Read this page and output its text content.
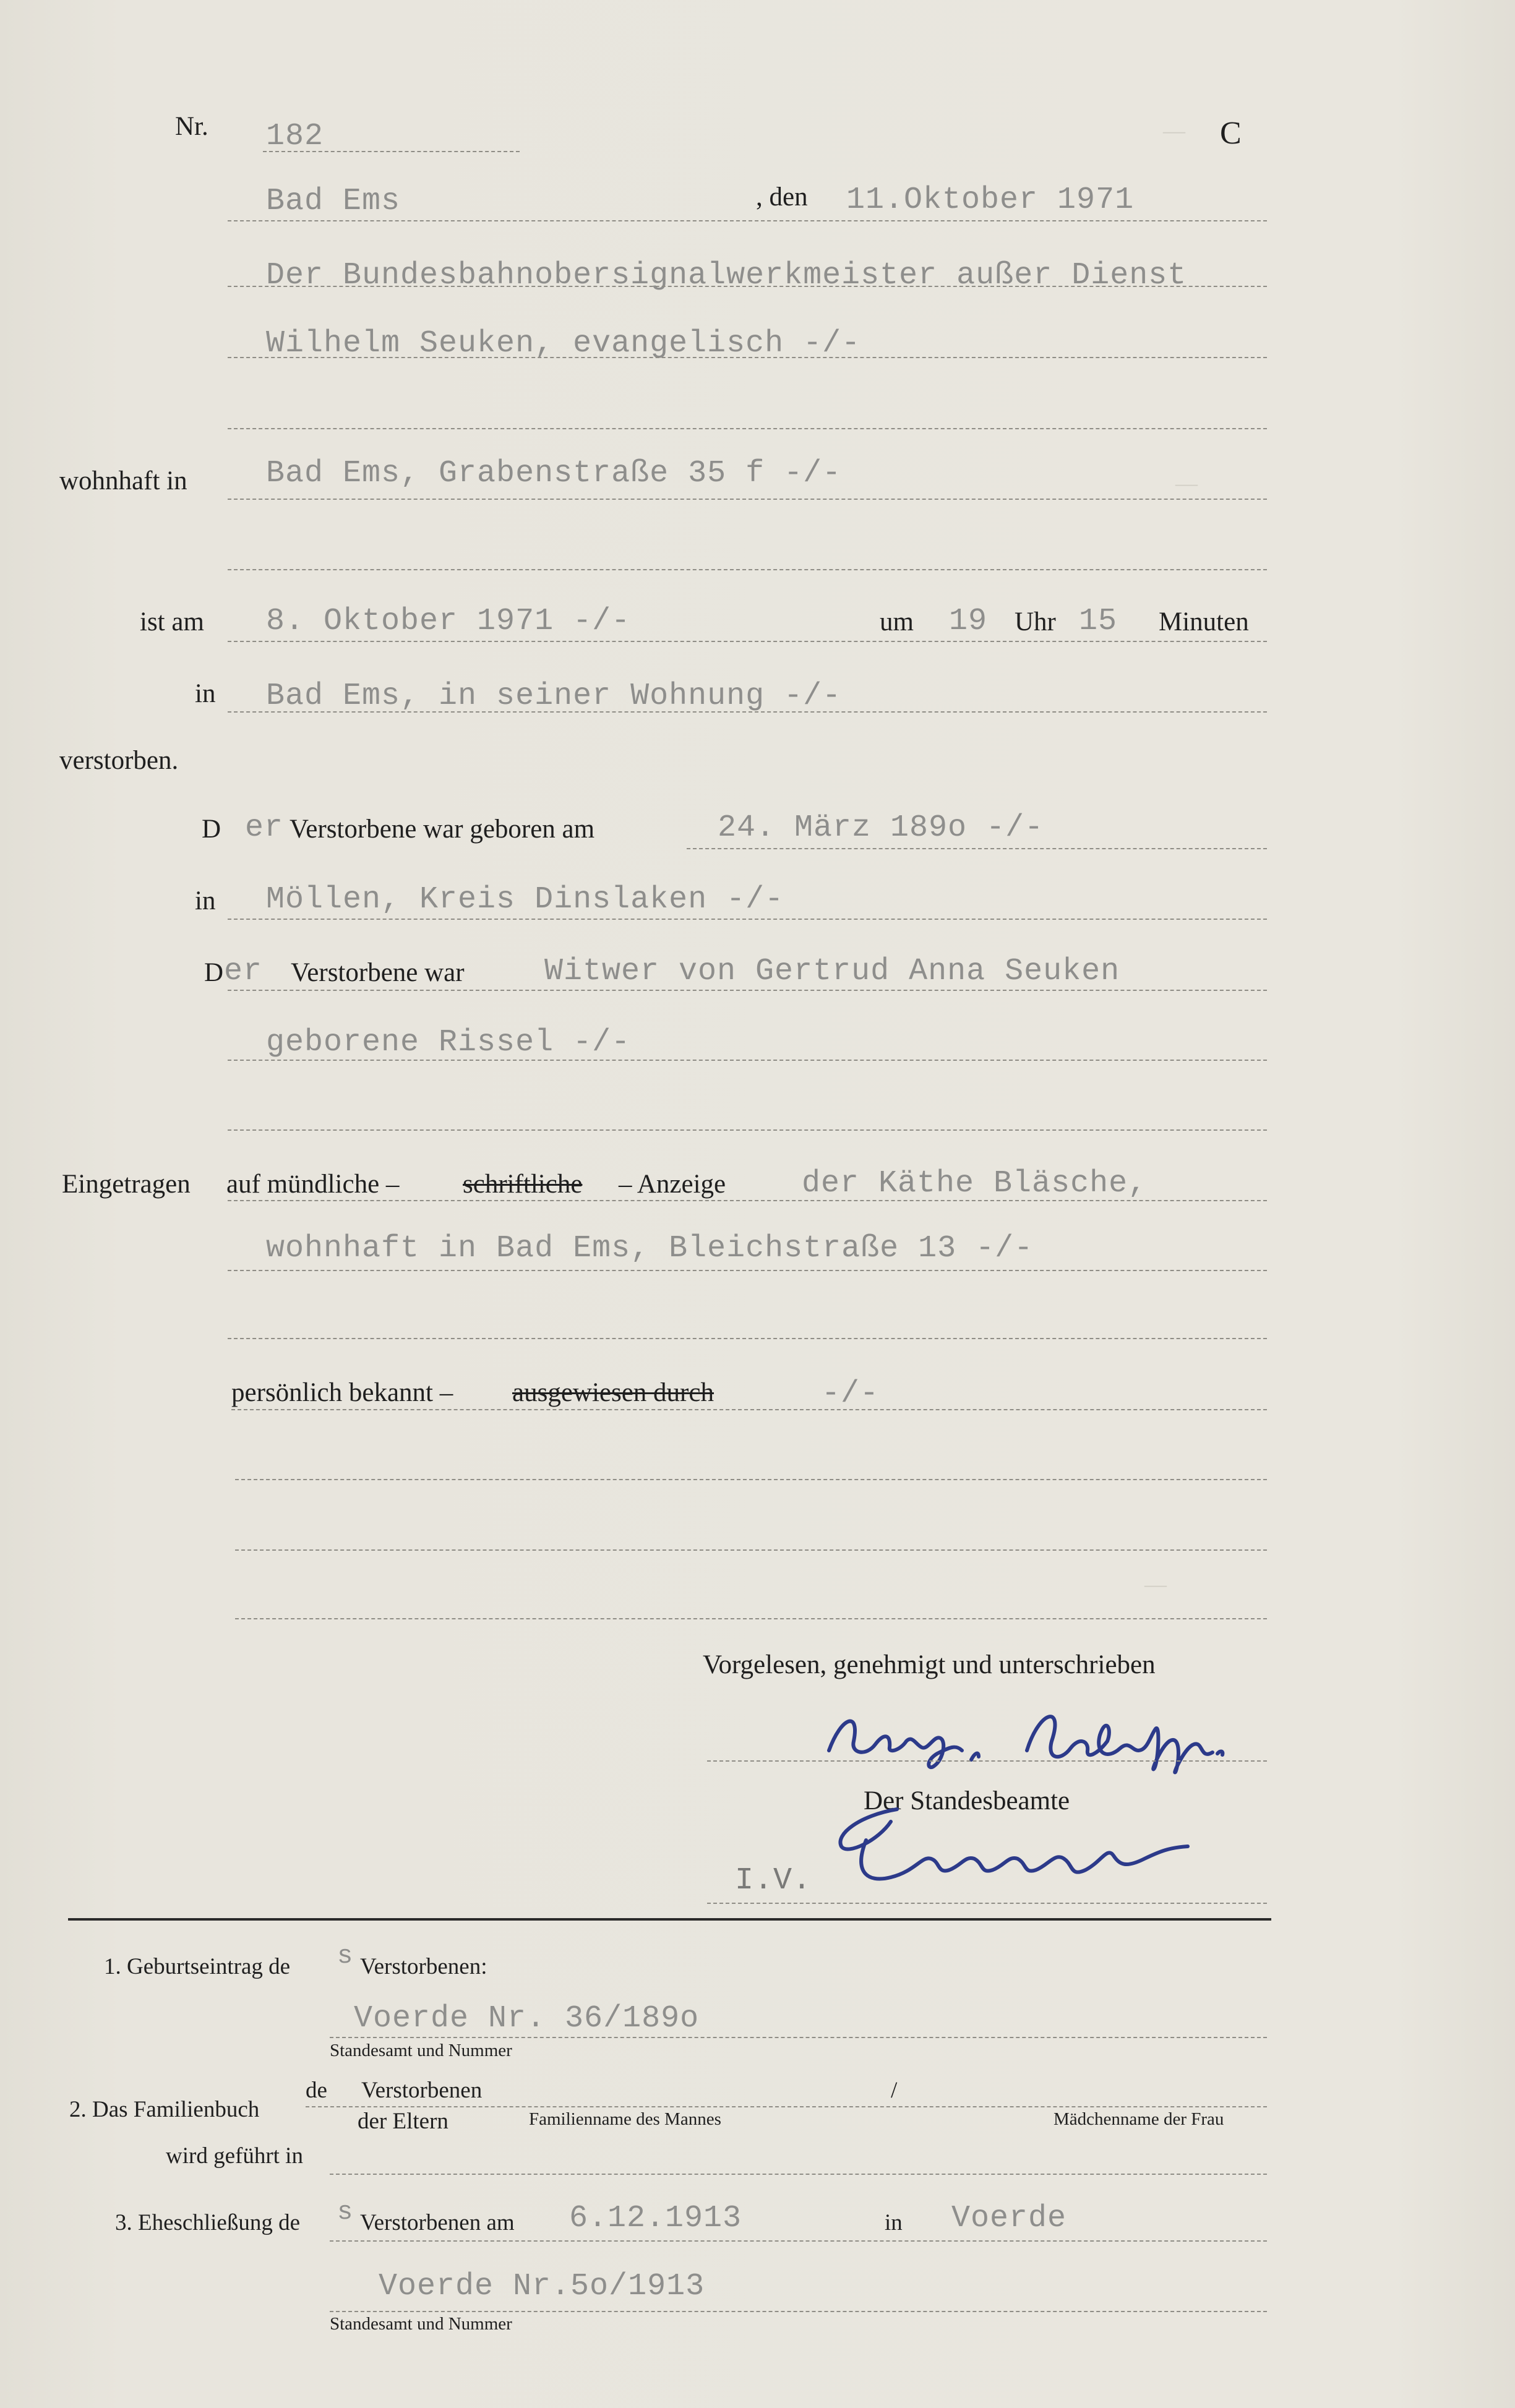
—
—
—
Nr. 182	C
Bad Ems	, den 11.Oktober 1971
Der Bundesbahnobersignalwerkmeister außer Dienst
Wilhelm Seuken, evangelisch -/-
wohnhaft in	Bad Ems, Grabenstraße 35 f -/-
ist am 8. Oktober 1971 -/-	um 19 Uhr 15 Minuten
in Bad Ems, in seiner Wohnung -/-
verstorben.
D er Verstorbene war geboren am	24. März 189o -/-
in Möllen, Kreis Dinslaken -/-
D er Verstorbene war	Witwer von Gertrud Anna Seuken
geborene Rissel -/-
Eingetragen auf mündliche – schriftliche – Anzeige der Käthe Bläsche,
wohnhaft in Bad Ems, Bleichstraße 13 -/-
persönlich bekannt – ausgewiesen durch	-/-
Vorgelesen, genehmigt und unterschrieben
Der Standesbeamte
I.V.
1. Geburtseintrag de s Verstorbenen:
Voerde Nr. 36/189o
Standesamt und Nummer
2. Das Familienbuch
de Verstorbenen	/
der Eltern	Familienname des Mannes	Mädchenname der Frau
wird geführt in
3. Eheschließung de s Verstorbenen am 6.12.1913	in Voerde
Voerde Nr.5o/1913
Standesamt und Nummer
